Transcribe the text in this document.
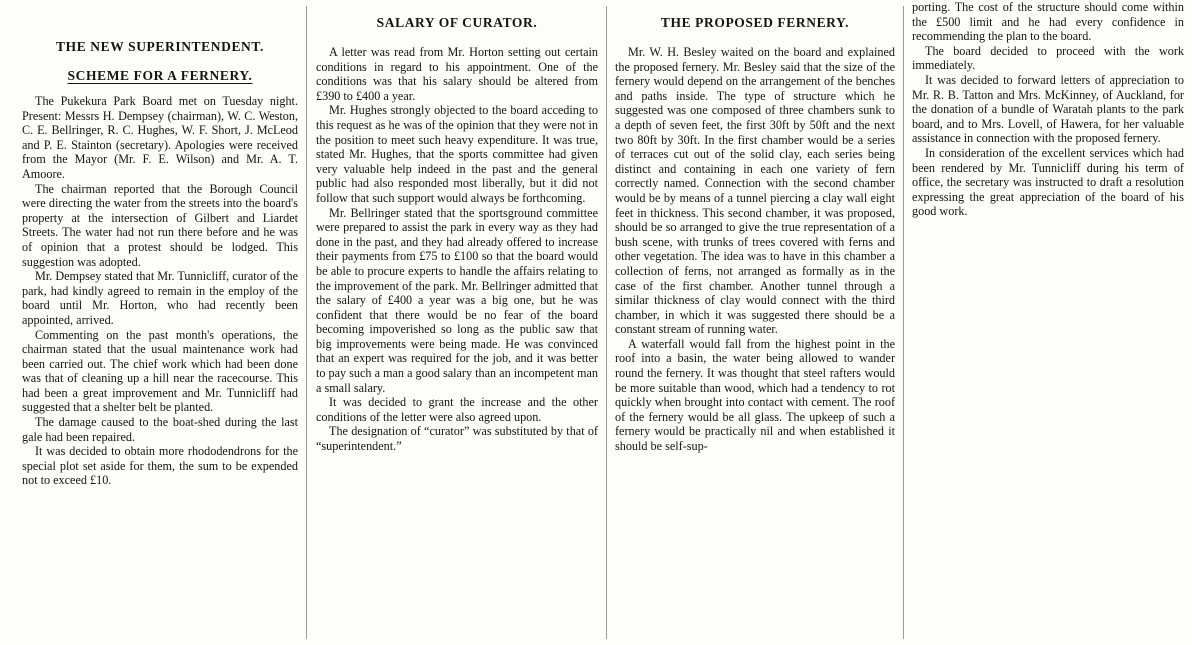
THE NEW SUPERINTENDENT.
SCHEME FOR A FERNERY.

The Pukekura Park Board met on Tuesday night. Present: Messrs H. Dempsey (chairman), W. C. Weston, C. E. Bellringer, R. C. Hughes, W. F. Short, J. McLeod and P. E. Stainton (secretary). Apologies were received from the Mayor (Mr. F. E. Wilson) and Mr. A. T. Amoore.

The chairman reported that the Borough Council were directing the water from the streets into the board's property at the intersection of Gilbert and Liardet Streets. The water had not run there before and he was of opinion that a protest should be lodged. This suggestion was adopted.

Mr. Dempsey stated that Mr. Tunnicliff, curator of the park, had kindly agreed to remain in the employ of the board until Mr. Horton, who had recently been appointed, arrived.

Commenting on the past month's operations, the chairman stated that the usual maintenance work had been carried out. The chief work which had been done was that of cleaning up a hill near the racecourse. This had been a great improvement and Mr. Tunnicliff had suggested that a shelter belt be planted.

The damage caused to the boat-shed during the last gale had been repaired.

It was decided to obtain more rhododendrons for the special plot set aside for them, the sum to be expended not to exceed £10.

SALARY OF CURATOR.

A letter was read from Mr. Horton setting out certain conditions in regard to his appointment. One of the conditions was that his salary should be altered from £390 to £400 a year.

Mr. Hughes strongly objected to the board acceding to this request as he was of the opinion that they were not in the position to meet such heavy expenditure. It was true, stated Mr. Hughes, that the sports committee had given very valuable help indeed in the past and the general public had also responded most liberally, but it did not follow that such support would always be forthcoming.

Mr. Bellringer stated that the sportsground committee were prepared to assist the park in every way as they had done in the past, and they had already offered to increase their payments from £75 to £100 so that the board would be able to procure experts to handle the affairs relating to the improvement of the park. Mr. Bellringer admitted that the salary of £400 a year was a big one, but he was confident that there would be no fear of the board becoming impoverished so long as the public saw that big improvements were being made. He was convinced that an expert was required for the job, and it was better to pay such a man a good salary than an incompetent man a small salary.

It was decided to grant the increase and the other conditions of the letter were also agreed upon.

The designation of “curator” was substituted by that of “superintendent.”

THE PROPOSED FERNERY.

Mr. W. H. Besley waited on the board and explained the proposed fernery. Mr. Besley said that the size of the fernery would depend on the arrangement of the benches and paths inside. The type of structure which he suggested was one composed of three chambers sunk to a depth of seven feet, the first 30ft by 50ft and the next two 80ft by 30ft. In the first chamber would be a series of terraces cut out of the solid clay, each series being distinct and containing in each one variety of fern correctly named. Connection with the second chamber would be by means of a tunnel piercing a clay wall eight feet in thickness. This second chamber, it was proposed, should be so arranged to give the true representation of a bush scene, with trunks of trees covered with ferns and other vegetation. The idea was to have in this chamber a collection of ferns, not arranged as formally as in the case of the first chamber. Another tunnel through a similar thickness of clay would connect with the third chamber, in which it was suggested there should be a constant stream of running water.

A waterfall would fall from the highest point in the roof into a basin, the water being allowed to wander round the fernery. It was thought that steel rafters would be more suitable than wood, which had a tendency to rot quickly when brought into contact with cement. The roof of the fernery would be all glass. The upkeep of such a fernery would be practically nil and when established it should be self-sup-

porting. The cost of the structure should come within the £500 limit and he had every confidence in recommending the plan to the board.

The board decided to proceed with the work immediately.

It was decided to forward letters of appreciation to Mr. R. B. Tatton and Mrs. McKinney, of Auckland, for the donation of a bundle of Waratah plants to the park board, and to Mrs. Lovell, of Hawera, for her valuable assistance in connection with the proposed fernery.

In consideration of the excellent services which had been rendered by Mr. Tunnicliff during his term of office, the secretary was instructed to draft a resolution expressing the great appreciation of the board of his good work.
